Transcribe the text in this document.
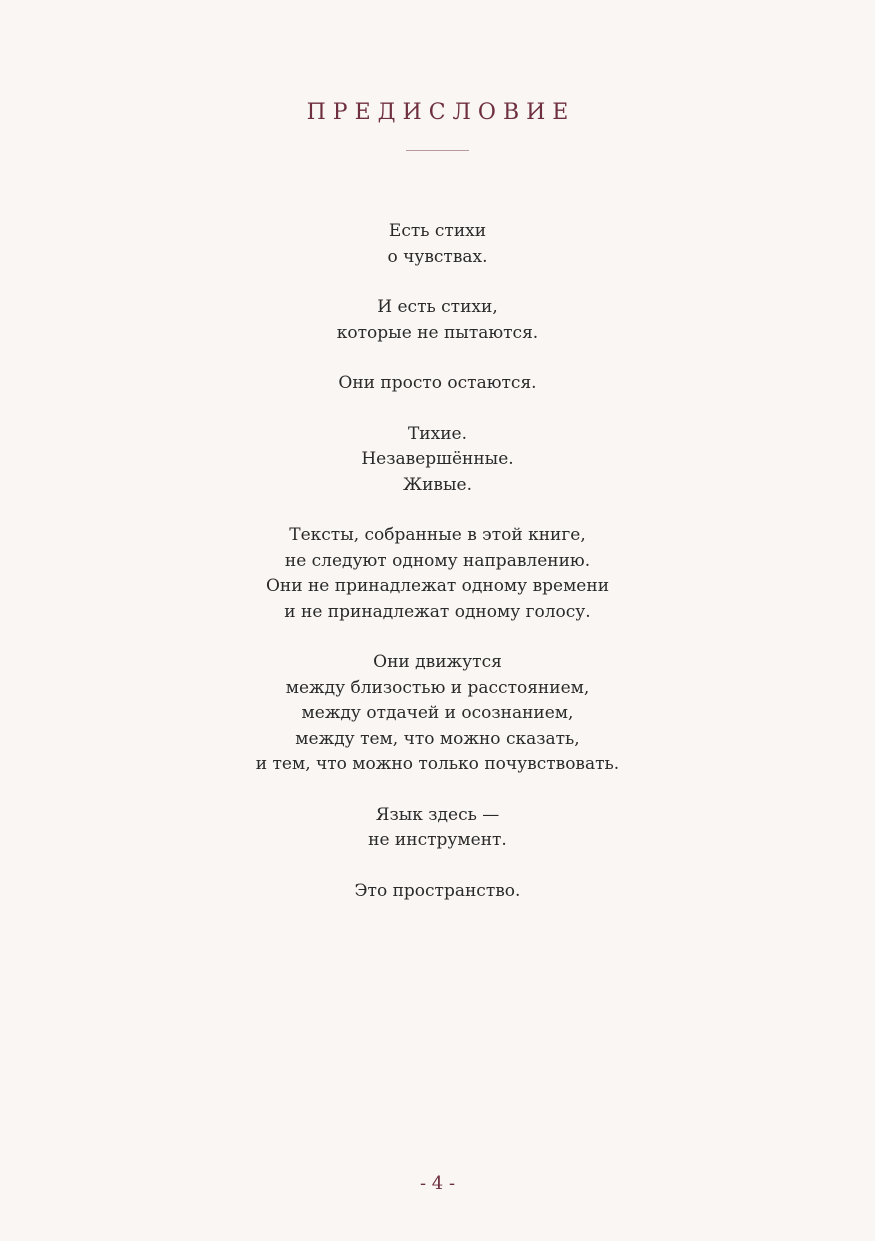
ПРЕДИСЛОВИЕ
Есть стихи
о чувствах.
И есть стихи,
которые не пытаются.
Они просто остаются.
Тихие.
Незавершённые.
Живые.
Тексты, собранные в этой книге,
не следуют одному направлению.
Они не принадлежат одному времени
и не принадлежат одному голосу.
Они движутся
между близостью и расстоянием,
между отдачей и осознанием,
между тем, что можно сказать,
и тем, что можно только почувствовать.
Язык здесь —
не инструмент.
Это пространство.
- 4 -
